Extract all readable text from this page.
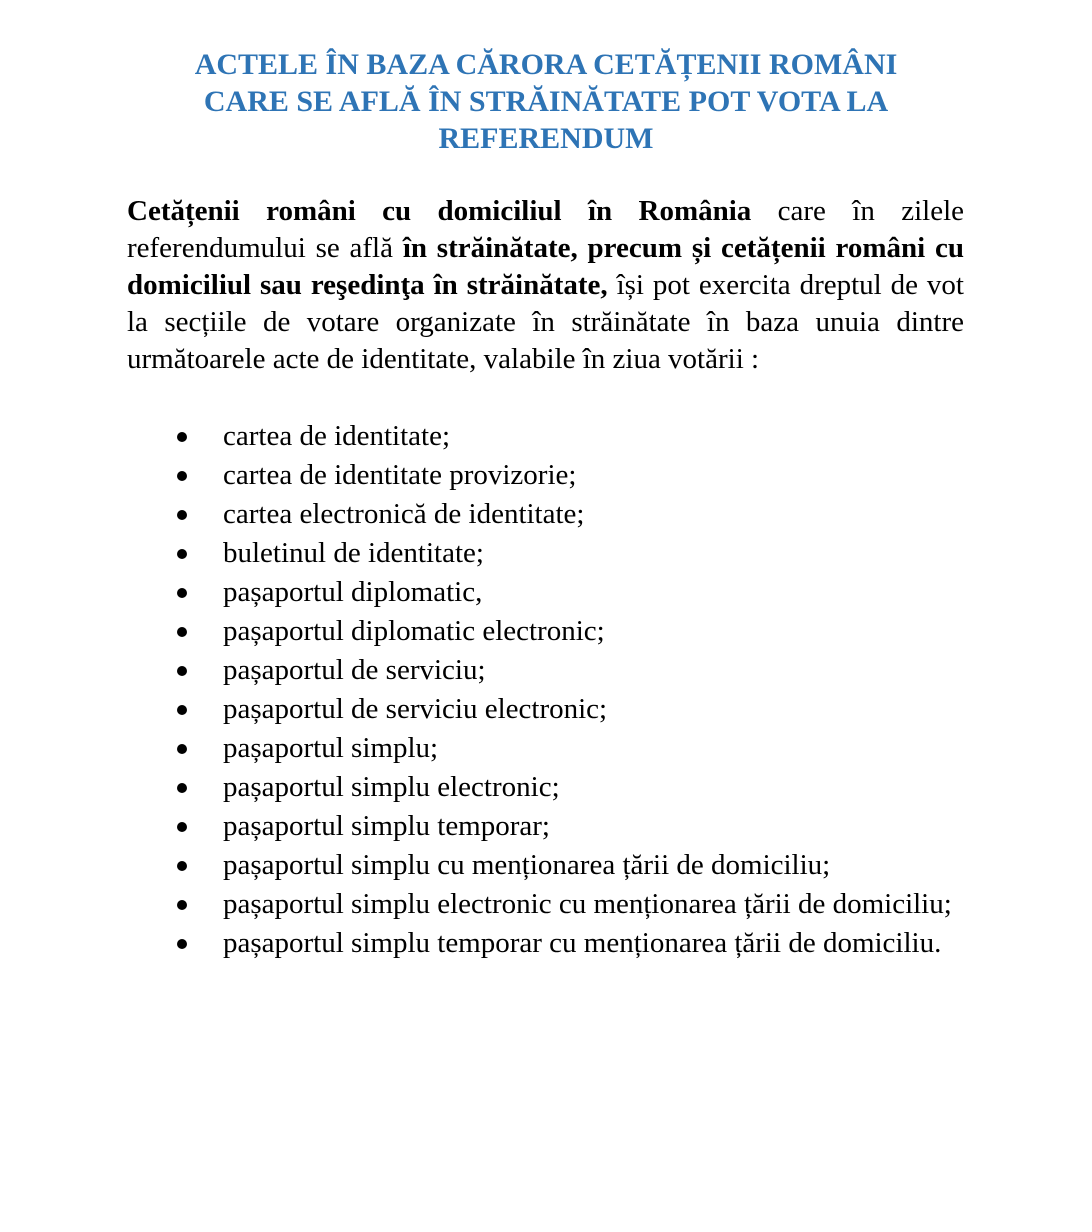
ACTELE ÎN BAZA CĂRORA CETĂȚENII ROMÂNI
CARE SE AFLĂ ÎN STRĂINĂTATE POT VOTA LA
REFERENDUM

Cetățenii români cu domiciliul în România care în zilele referendumului se află în străinătate, precum și cetățenii români cu domiciliul sau reşedinţa în străinătate, își pot exercita dreptul de vot la secțiile de votare organizate în străinătate în baza unuia dintre următoarele acte de identitate, valabile în ziua votării :

cartea de identitate;
cartea de identitate provizorie;
cartea electronică de identitate;
buletinul de identitate;
pașaportul diplomatic,
pașaportul diplomatic electronic;
pașaportul de serviciu;
pașaportul de serviciu electronic;
pașaportul simplu;
pașaportul simplu electronic;
pașaportul simplu temporar;
pașaportul simplu cu menționarea țării de domiciliu;
pașaportul simplu electronic cu menționarea țării de domiciliu;
pașaportul simplu temporar cu menționarea țării de domiciliu.
